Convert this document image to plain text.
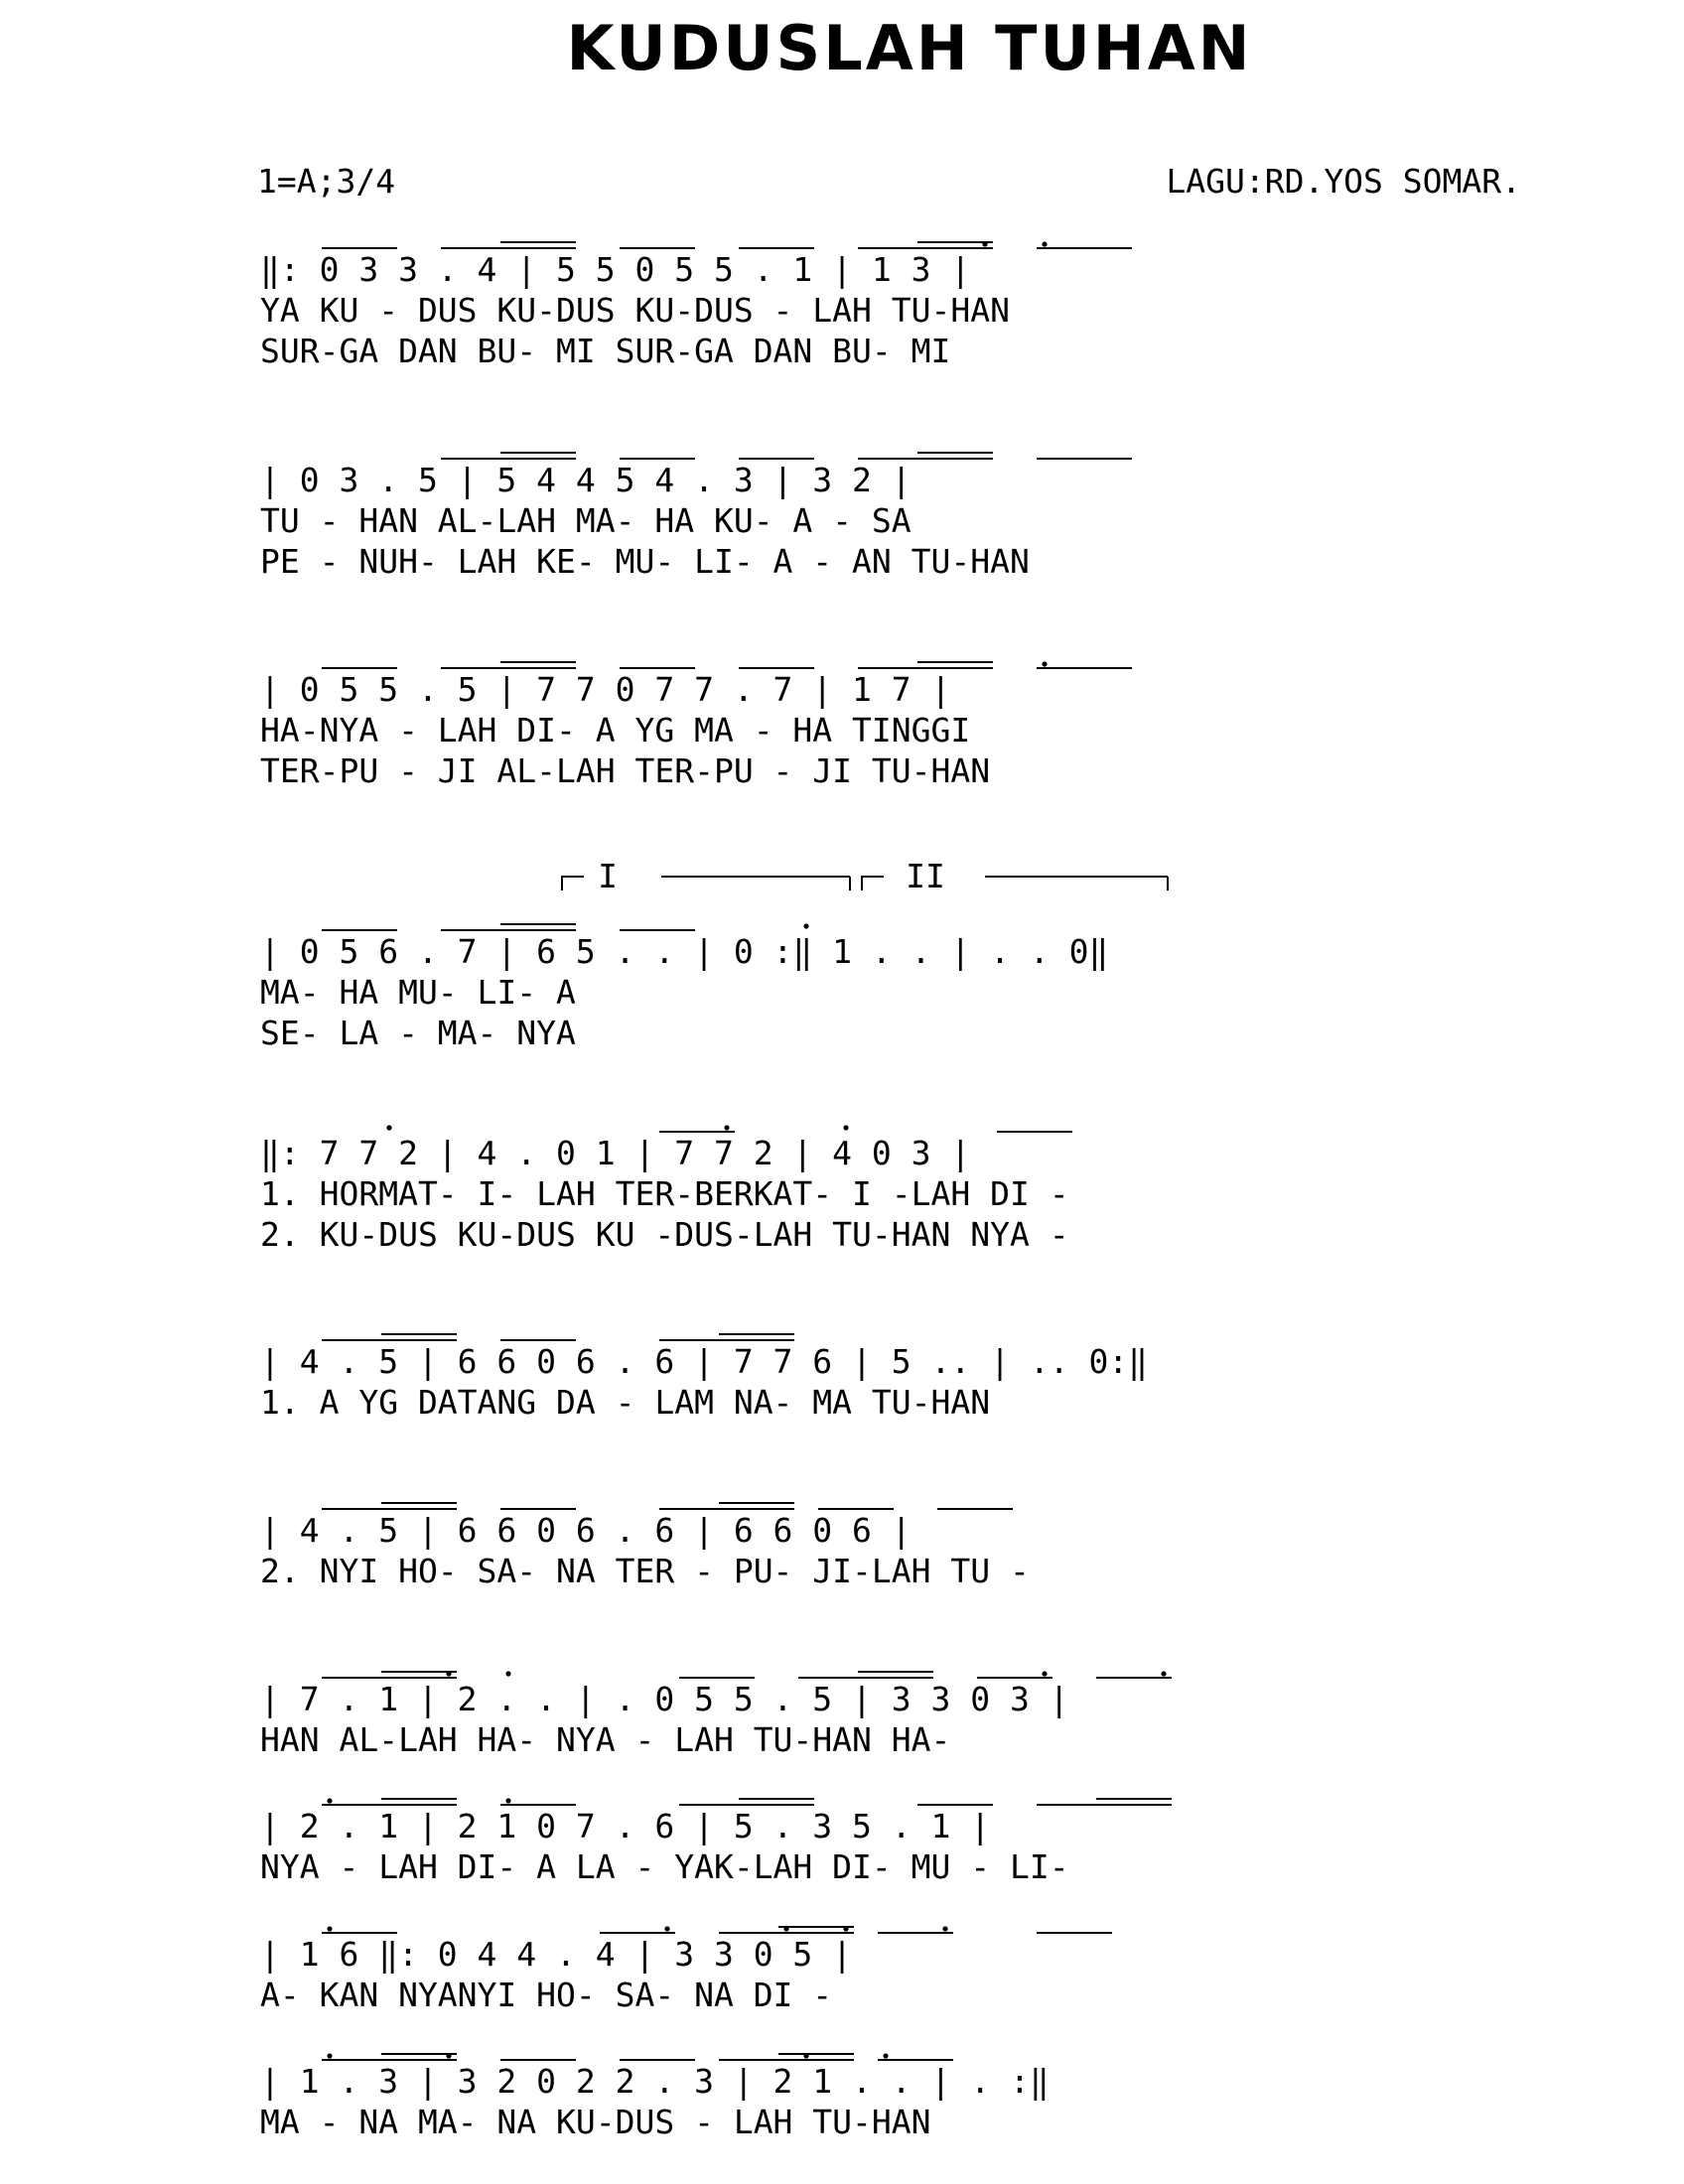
KUDUSLAH TUHAN
1=A;3/4	LAGU:RD.YOS SOMAR.
‖: 0 3 3 . 4 | 5 5 0 5 5 . 1 | 1 3 |
YA KU - DUS KU-DUS KU-DUS - LAH TU-HAN
SUR-GA DAN BU- MI SUR-GA DAN BU- MI
| 0 3 . 5 | 5 4 4 5 4 . 3 | 3 2 |
TU - HAN AL-LAH MA- HA KU- A - SA
PE - NUH- LAH KE- MU- LI- A - AN TU-HAN
| 0 5 5 . 5 | 7 7 0 7 7 . 7 | 1 7 |
HA-NYA - LAH DI- A YG MA - HA TINGGI
TER-PU - JI AL-LAH TER-PU - JI TU-HAN
| 0 5 6 . 7 | 6 5 . . | 0 :‖ 1 . . | . . 0‖
MA- HA MU- LI- A
SE- LA - MA- NYA
‖: 7 7 2 | 4 . 0 1 | 7 7 2 | 4 0 3 |
1. HORMAT- I- LAH TER-BERKAT- I -LAH DI -
2. KU-DUS KU-DUS KU -DUS-LAH TU-HAN NYA -
| 4 . 5 | 6 6 0 6 . 6 | 7 7 6 | 5 .. | .. 0:‖
1. A YG DATANG DA - LAM NA- MA TU-HAN
| 4 . 5 | 6 6 0 6 . 6 | 6 6 0 6 |
2. NYI HO- SA- NA TER - PU- JI-LAH TU -
| 7 . 1 | 2 . . | . 0 5 5 . 5 | 3 3 0 3 |
HAN AL-LAH HA- NYA - LAH TU-HAN HA-
| 2 . 1 | 2 1 0 7 . 6 | 5 . 3 5 . 1 |
NYA - LAH DI- A LA - YAK-LAH DI- MU - LI-
| 1 6 ‖: 0 4 4 . 4 | 3 3 0 5 |
A- KAN NYANYI HO- SA- NA DI -
| 1 . 3 | 3 2 0 2 2 . 3 | 2 1 . . | . :‖
MA - NA MA- NA KU-DUS - LAH TU-HAN
I	II
